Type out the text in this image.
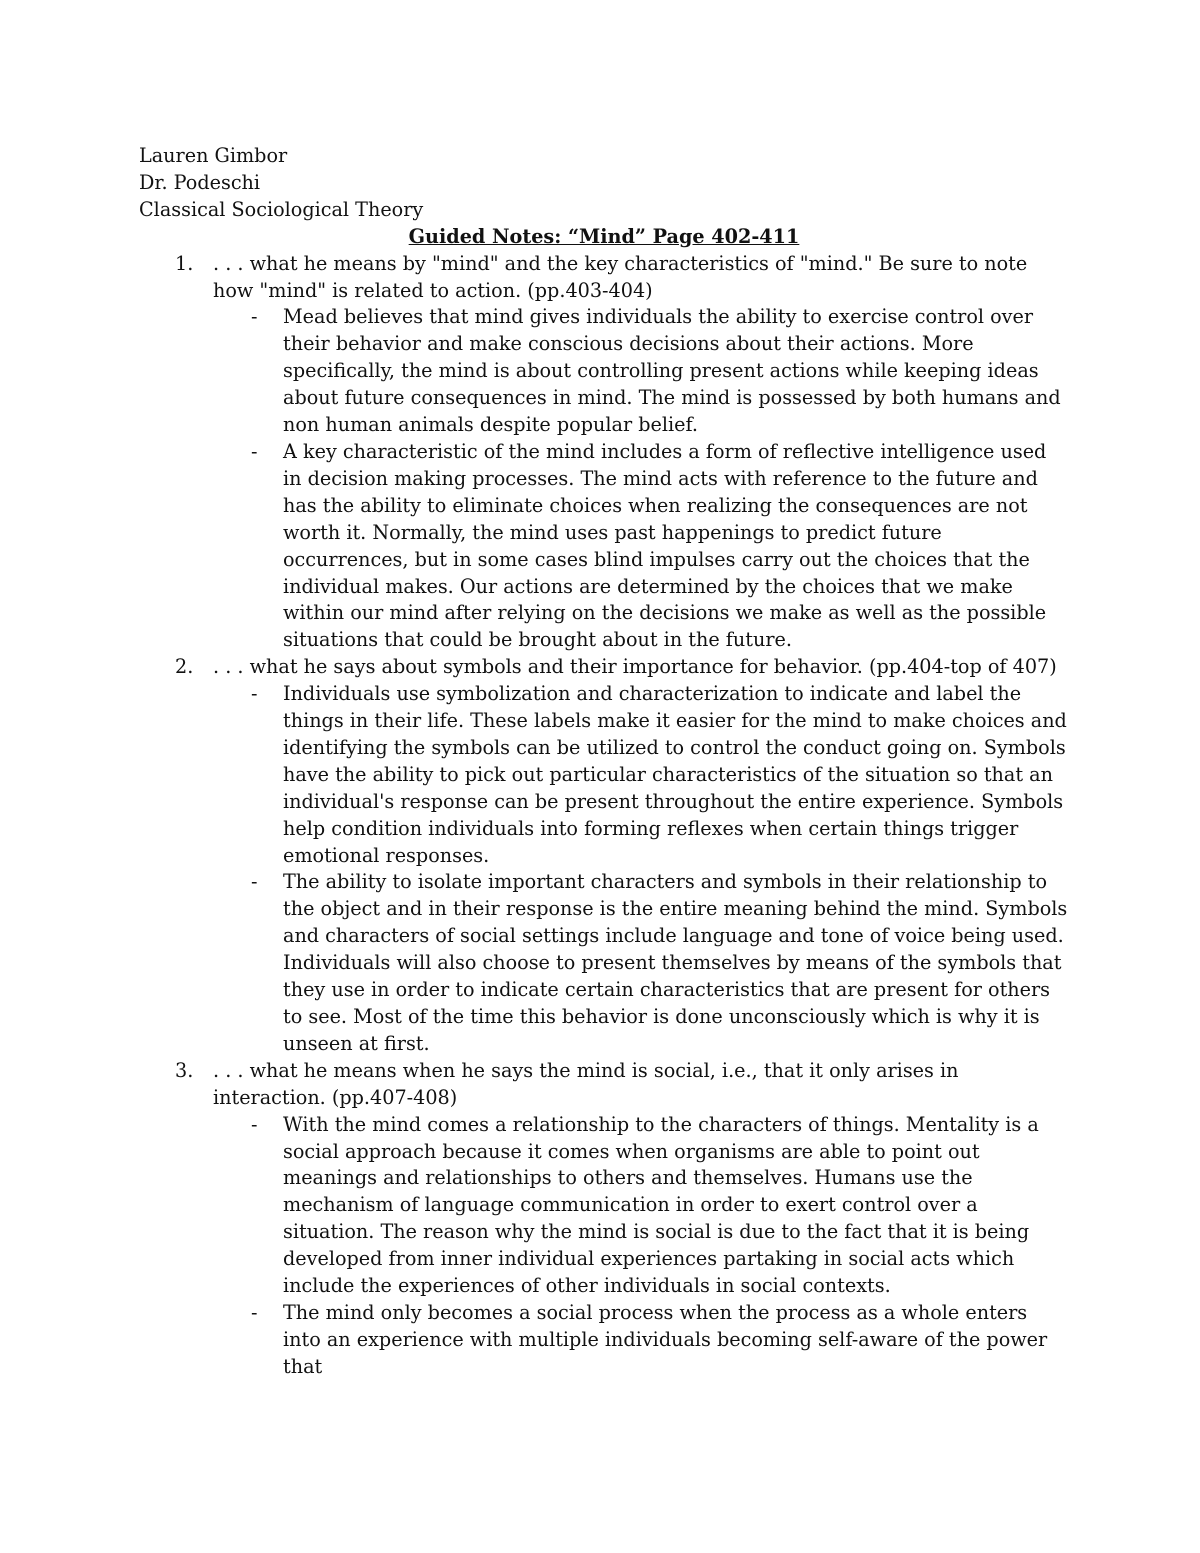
Lauren Gimbor
Dr. Podeschi
Classical Sociological Theory
Guided Notes: “Mind” Page 402-411
1. . . . what he means by "mind" and the key characteristics of "mind." Be sure to note how "mind" is related to action. (pp.403-404)
- Mead believes that mind gives individuals the ability to exercise control over their behavior and make conscious decisions about their actions. More specifically, the mind is about controlling present actions while keeping ideas about future consequences in mind. The mind is possessed by both humans and non human animals despite popular belief.
- A key characteristic of the mind includes a form of reflective intelligence used in decision making processes. The mind acts with reference to the future and has the ability to eliminate choices when realizing the consequences are not worth it. Normally, the mind uses past happenings to predict future occurrences, but in some cases blind impulses carry out the choices that the individual makes. Our actions are determined by the choices that we make within our mind after relying on the decisions we make as well as the possible situations that could be brought about in the future.
2. . . . what he says about symbols and their importance for behavior. (pp.404-top of 407)
- Individuals use symbolization and characterization to indicate and label the things in their life. These labels make it easier for the mind to make choices and identifying the symbols can be utilized to control the conduct going on. Symbols have the ability to pick out particular characteristics of the situation so that an individual's response can be present throughout the entire experience. Symbols help condition individuals into forming reflexes when certain things trigger emotional responses.
- The ability to isolate important characters and symbols in their relationship to the object and in their response is the entire meaning behind the mind. Symbols and characters of social settings include language and tone of voice being used. Individuals will also choose to present themselves by means of the symbols that they use in order to indicate certain characteristics that are present for others to see. Most of the time this behavior is done unconsciously which is why it is unseen at first.
3. . . . what he means when he says the mind is social, i.e., that it only arises in interaction. (pp.407-408)
- With the mind comes a relationship to the characters of things. Mentality is a social approach because it comes when organisms are able to point out meanings and relationships to others and themselves. Humans use the mechanism of language communication in order to exert control over a situation. The reason why the mind is social is due to the fact that it is being developed from inner individual experiences partaking in social acts which include the experiences of other individuals in social contexts.
- The mind only becomes a social process when the process as a whole enters into an experience with multiple individuals becoming self-aware of the power that
